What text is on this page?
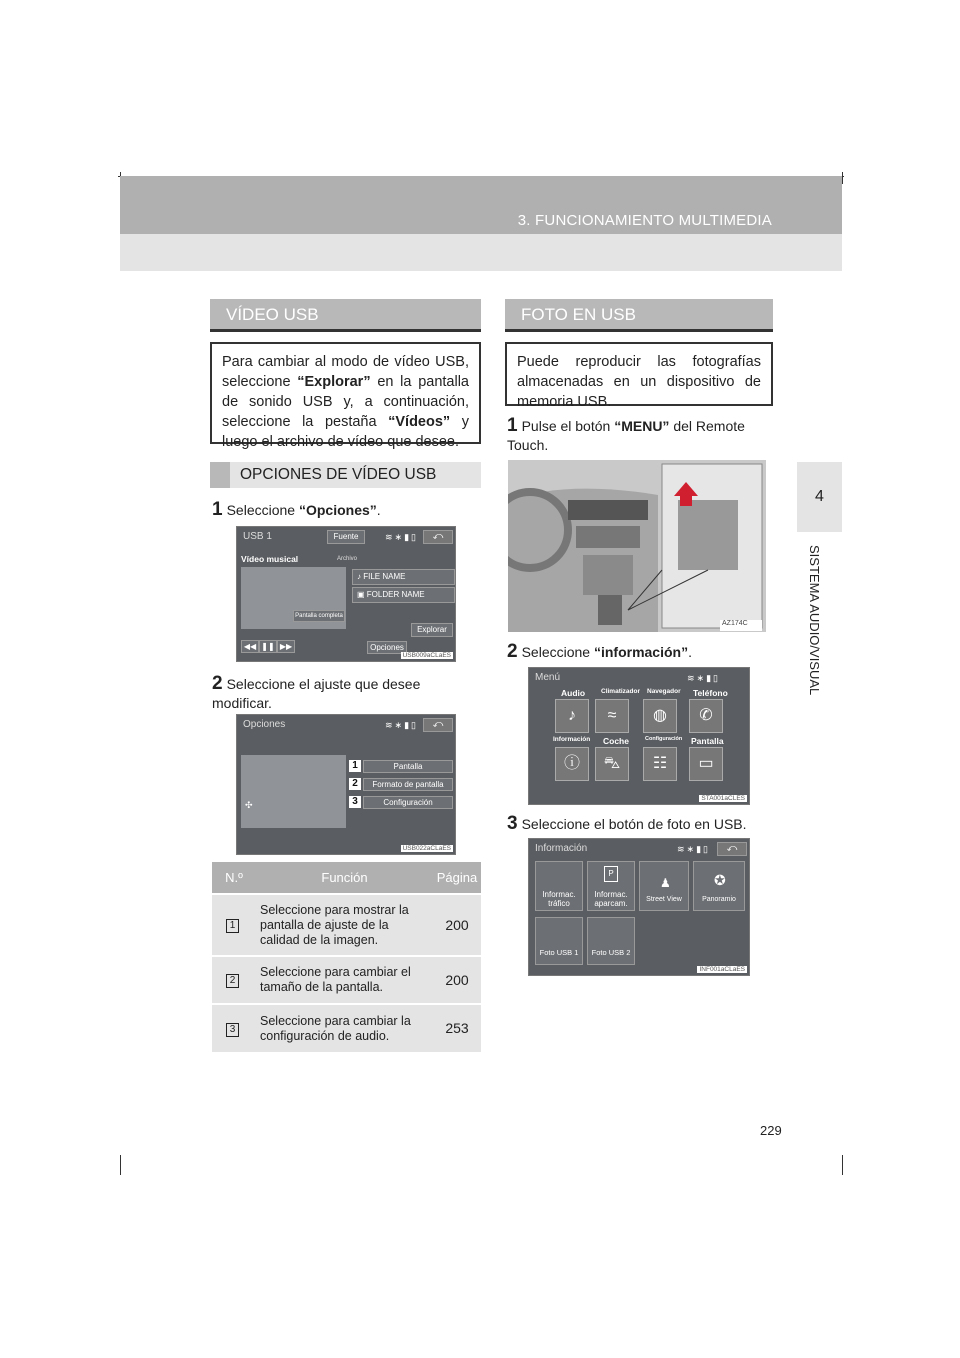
3. FUNCIONAMIENTO MULTIMEDIA
4
SISTEMA AUDIO/VISUAL
VÍDEO USB
Para cambiar al modo de vídeo USB, seleccione “Explorar” en la pantalla de sonido USB y, a continuación, seleccione la pestaña “Vídeos” y luego el archivo de vídeo que desee.
OPCIONES DE VÍDEO USB
1 Seleccione “Opciones”.
USB 1	Fuente	≋∗▮▯	⤺
Vídeo musical	Archivo
Pantalla completa
♪ FILE NAME
▣ FOLDER NAME
Explorar
◀◀ ❚❚ ▶▶	Opciones
USB009aCLaES
2 Seleccione el ajuste que desee modificar.
Opciones	≋∗▮▯	⤺
✣
1	Pantalla
2	Formato de pantalla
3	Configuración
USB022aCLaES
N.º	Función	Página
1	Seleccione para mostrar la pantalla de ajuste de la calidad de la imagen.	200
2	Seleccione para cambiar el tamaño de la pantalla.	200
3	Seleccione para cambiar la configuración de audio.	253
FOTO EN USB
Puede reproducir las fotografías almacenadas en un dispositivo de memoria USB.
1 Pulse el botón “MENU” del Remote Touch.
AZ174C
2 Seleccione “información”.
Menú	≋∗▮▯
Audio Climatizador Navegador Teléfono
♪	≈	◍	✆
Información Coche	Configuración Pantalla
ⓘ	⛍	☷	▭
STA001aCLES
3 Seleccione el botón de foto en USB.
Información	≋∗▮▯	⤺
Informac. tráfico
P
Informac. aparcam.
♟
Street View
✪
Panoramio
Foto USB 1	Foto USB 2
INF001aCLaES
229
